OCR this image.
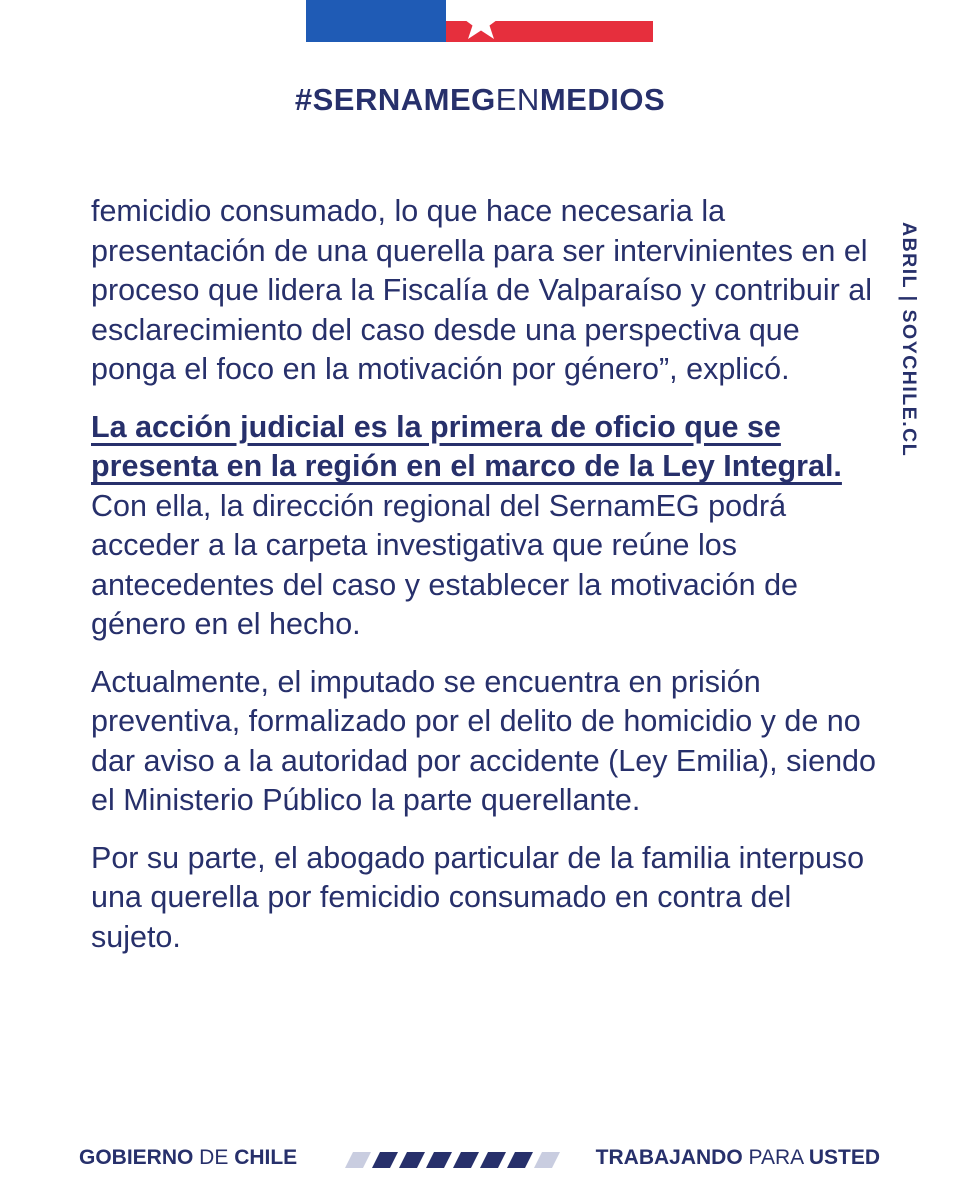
#SERNAMEGENMEDIOS
ABRIL | SOYCHILE.CL

femicidio consumado, lo que hace necesaria la presentación de una querella para ser intervinientes en el proceso que lidera la Fiscalía de Valparaíso y contribuir al esclarecimiento del caso desde una perspectiva que ponga el foco en la motivación por género”, explicó.

La acción judicial es la primera de oficio que se presenta en la región en el marco de la Ley Integral. Con ella, la dirección regional del SernamEG podrá acceder a la carpeta investigativa que reúne los antecedentes del caso y establecer la motivación de género en el hecho.

Actualmente, el imputado se encuentra en prisión preventiva, formalizado por el delito de homicidio y de no dar aviso a la autoridad por accidente (Ley Emilia), siendo el Ministerio Público la parte querellante.

Por su parte, el abogado particular de la familia interpuso una querella por femicidio consumado en contra del sujeto.

GOBIERNO DE CHILE	TRABAJANDO PARA USTED
